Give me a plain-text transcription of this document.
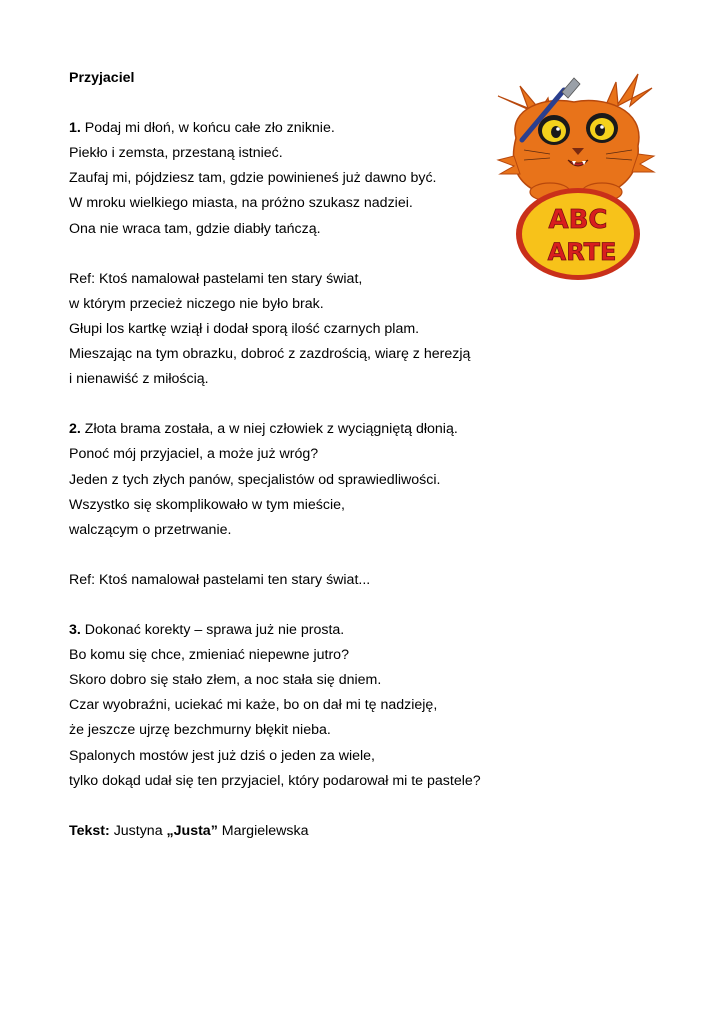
Przyjaciel
1. Podaj mi dłoń, w końcu całe zło zniknie.
Piekło i zemsta, przestaną istnieć.
Zaufaj mi, pójdziesz tam, gdzie powinieneś już dawno być.
W mroku wielkiego miasta, na próżno szukasz nadziei.
Ona nie wraca tam, gdzie diabły tańczą.
Ref: Ktoś namalował pastelami ten stary świat,
w którym przecież niczego nie było brak.
Głupi los kartkę wziął i dodał sporą ilość czarnych plam.
Mieszając na tym obrazku, dobroć z zazdrością, wiarę z herezją
i nienawiść z miłością.
2. Złota brama została, a w niej człowiek z wyciągniętą dłonią.
Ponoć mój przyjaciel, a może już wróg?
Jeden z tych złych panów, specjalistów od sprawiedliwości.
Wszystko się skomplikowało w tym mieście,
walczącym o przetrwanie.
Ref: Ktoś namalował pastelami ten stary świat...
3. Dokonać korekty – sprawa już nie prosta.
Bo komu się chce, zmieniać niepewne jutro?
Skoro dobro się stało złem, a noc stała się dniem.
Czar wyobraźni, uciekać mi każe, bo on dał mi tę nadzieję,
że jeszcze ujrzę bezchmurny błękit nieba.
Spalonych mostów jest już dziś o jeden za wiele,
tylko dokąd udał się ten przyjaciel, który podarował mi te pastele?
Tekst: Justyna „Justa” Margielewska
ABC
ARTE
